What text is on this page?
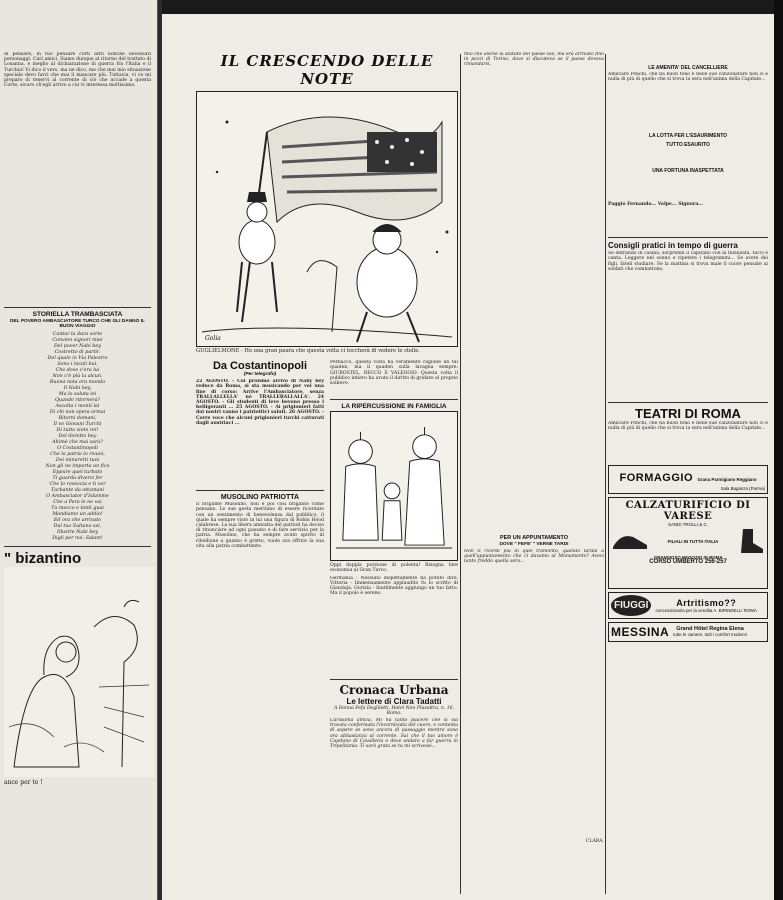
di pensare, in tuo pensare corti altri nonché necessari personaggi. Cari amici, Siamo dunque al ritorno del trattato di Losanna, e meglio al dichiarazione di guerra fra l'Italia e il Turchia! Vi dico il vero, ma ne dico, me che mai mio situazione speciale devo farvi che mai il mancare più. Tuttavia, vi ce mi preparo di tenervi al corrente di ciò che accade a questa Corte, sicuro ch'egli arrivo a cui vi interessa moltissimo.
STORIELLA TRAMBASCIATA
DEL POVERO AMBASCIATORE TURCO CHE GLI DANNO IL BUON VIAGGIO
Cantar la dura sorte
Convien signori miei
Del pover Nabi bey
Costretto di partir.
Del quale in Via Palestro
Sono i locali bui,
Che dove c'era lui
Non c'è più la alcun.
Buona nota era mondo
Il Nabi bey,
Ma lo saluta lei
Quando ritornerà?
Ascolta i monti lai
Di chi non spera ormai
Ritorni domani,
Il vo Giovani Turchi
Di tutto siete rei!
Del doretto bey
Ahimè che mai sarà?
O Costantinopoli
Che la patria lo rivuoi,
Dei minaretti tuoi
Non gli ne importa un fico
Eppure quel turbato
Ti guarda diversi fer
Che lo rovescia e ti ver
Turbante da ottomani
O Ambasciator d'Islamme
Che a Pera le ne vai
Tu mocco e tanti guai
Mandiamo un addio!
Ed ora che arrivato
Dal tuo Sultano sei,
Illustre Nabi bey
Digli per noi: Salam!
" bizantino
ance per te !
IL CRESCENDO DELLE NOTE
Golia
GUGLIELMONE - Ho una gran paura che questa volta ci toccherà di vedere le stelle.
Da Costantinopoli
(Per telegrafo)
22 AGOSTO. - Col proismo arrivo di Naby bey reduce da Roma, si sta musicando per voi una fine di corso: Arrive l'Ambasciatore, senza TRALLALLELLA' né TRALLERALLALLA'. 24 AGOSTO. - Gli studenti di leve bevono presso i belligeranti ... 25 AGOSTO. - Ai prigionieri fatti dai nostri vanno i patriottici saluti. 26 AGOSTO. - Corre voce che alcuni prigionieri turchi catturati dagli austriaci ...
MUSOLINO PATRIOTTA
Il brigante Musolino, non è poi così brigante come pensano. Le sue gesta meritano di essere ricordate con un sentimento di benevolenza dal pubblico, il quale ha sempre visto in lui una figura di Robin Hood calabrese. La sua libera amnistia del patrioti ha deciso di rinunciare ad ogni passato e di fare servizio per la patria. Musolino, che ha sempre avuto spirito di ribellione a quanto è gretto, vuole ora offrire la sua vita alla patria combattente.
Perbacco, questa volta ha veramente ragione un tal quaden, ma il quaden sulla lavagna sempre: GIUBOSTEL, RECCO E VALEGGIO. Questa volta il pubblico intiero ha avuto il diritto di gridare al proprio sollievo.
LA RIPERCUSSIONE IN FAMIGLIA
Oppi doppia porzione di polenta! Bisogna fare economia al Gran Turco.
Germania - Nessuno dispettamente ha potuto dire. Vittoria - Immensamente applaudito fu lo scritto di Gianduja. Gorizia - Inutilmente aggiungo un tuo fatto. Ma il popolo è sereno.
Cronaca Urbana
Le lettere di Clara Tadatti
A Donna Fefa Degliletti, Hotel Non Plusultra, n. 16, Roma.
Carissima amica, Mi ha tanto piacere che si sia trovata confermata l'incorniciata del cuore, e contenta di sapere se sono ancora di passaggio mentre sono ora abbastanza al corrente. Sai che il tuo amore è Capitano di Cavalleria e deve andare a far guerra in Tripolitania. Ti sarò grata se tu mi scrivessi...
mio che anche la statuto del paese oso, ma era arrivato fino in pezzi di Torino, dove si discuteva se il paese doveva rimandarsi.
PER UN APPUNTAMENTO
DOVE " FEFE' " VERNE TARDI
Non ti ricordi più di quel tramonto, quando tardai a quell'appuntamento che ci davamo al Monumento? Avevi tanto freddo quella sera...
CLARA.
LE AMENITA' DEL CANCELLIERE
Amilcare Ponchi, che ha buon tono e nelle sue canzonature non ci è nulla di più di quello che si trova la sera nell'anima della Capitale...
LA LOTTA PER L'ESAURIMENTO
TUTTO ESAURITO
UNA FORTUNA INASPETTATA
Paggio Fernando... Volpe... Signora...
Consigli pratici in tempo di guerra
Se entrando in casina, sorprendi il capitano con la fidanzata, tacci e canta. Leggere nel sonno e ripetere i telegrammi... Se avete dei figli, fateli studiare. Se la mattina si trova male il cuore pensate ai soldati che combattono.
TEATRI DI ROMA
Amilcare Ponchi, che ha buon tono e nelle sue canzonature non ci è nulla di più di quello che si trova la sera nell'anima della Capitale...
FORMAGGIO Grana Parmigiano Reggiano
Sala Baganza (Parma)
CALZATURIFICIO DI VARESE
SANDI TROLLI & C.
FILIALI IN TUTTA ITALIA
GRANDIOSO NEGOZIO IN ROMA
CORSO UMBERTO 256-257
FIUGGI	Artritismo??
concessionaria per la vendita A. BIRINDELLI ROMA
MESSINA	Grand Hôtel Regina Elena
tutte le camere, tutti i comfort moderni
